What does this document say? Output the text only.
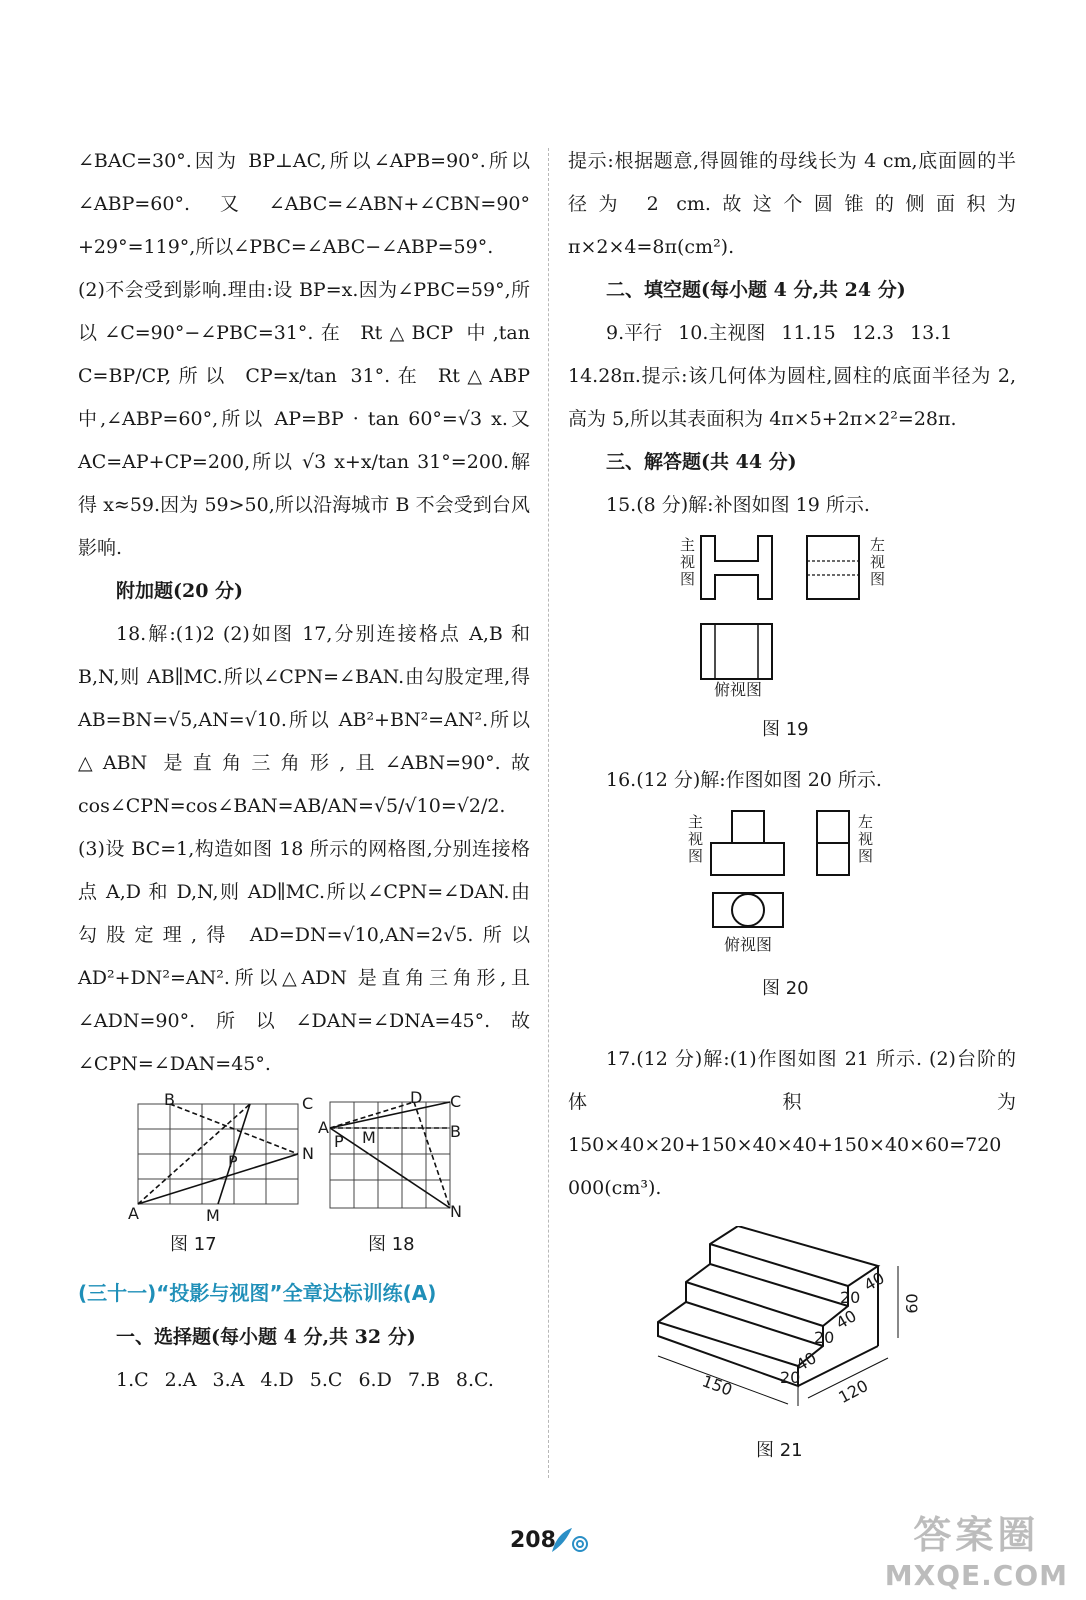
∠BAC=30°.因为 BP⊥AC,所以∠APB=90°.所以∠ABP=60°.又∠ABC=∠ABN+∠CBN=90°+29°=119°,所以∠PBC=∠ABC−∠ABP=59°.

(2)不会受到影响.理由:设 BP=x.因为∠PBC=59°,所以∠C=90°−∠PBC=31°.在 Rt△BCP 中,tan C=BP/CP,所以 CP=x/tan 31°.在 Rt△ABP 中,∠ABP=60°,所以 AP=BP · tan 60°=√3 x.又 AC=AP+CP=200,所以 √3 x+x/tan 31°=200.解得 x≈59.因为 59>50,所以沿海城市 B 不会受到台风影响.

附加题(20 分)

18.解:(1)2 (2)如图 17,分别连接格点 A,B 和 B,N,则 AB∥MC.所以∠CPN=∠BAN.由勾股定理,得 AB=BN=√5,AN=√10.所以 AB²+BN²=AN².所以△ABN 是直角三角形,且∠ABN=90°.故 cos∠CPN=cos∠BAN=AB/AN=√5/√10=√2/2. (3)设 BC=1,构造如图 18 所示的网格图,分别连接格点 A,D 和 D,N,则 AD∥MC.所以∠CPN=∠DAN.由勾股定理,得 AD=DN=√10,AN=2√5.所以 AD²+DN²=AN².所以△ADN 是直角三角形,且∠ADN=90°.所以∠DAN=∠DNA=45°.故∠CPN=∠DAN=45°.

B	C
N
P
A	M
图 17
D C
A
P M	B
N
图 18
(三十一)“投影与视图”全章达标训练(A)

一、选择题(每小题 4 分,共 32 分)

1.C 2.A 3.A 4.D 5.C 6.D 7.B 8.C.

提示:根据题意,得圆锥的母线长为 4 cm,底面圆的半径为 2 cm.故这个圆锥的侧面积为 π×2×4=8π(cm²).

二、填空题(每小题 4 分,共 24 分)

9.平行 10.主视图 11.15 12.3 13.1

14.28π.提示:该几何体为圆柱,圆柱的底面半径为 2,高为 5,所以其表面积为 4π×5+2π×2²=28π.

三、解答题(共 44 分)

15.(8 分)解:补图如图 19 所示.

主视图
左视图
俯视图
图 19

16.(12 分)解:作图如图 20 所示.

主视图
左视图
俯视图
图 20

17.(12 分)解:(1)作图如图 21 所示. (2)台阶的体积为 150×40×20+150×40×40+150×40×60=720 000(cm³).

40
20
40
20
40
20
60
150	120
图 21
208	答案圈
MXQE.COM
